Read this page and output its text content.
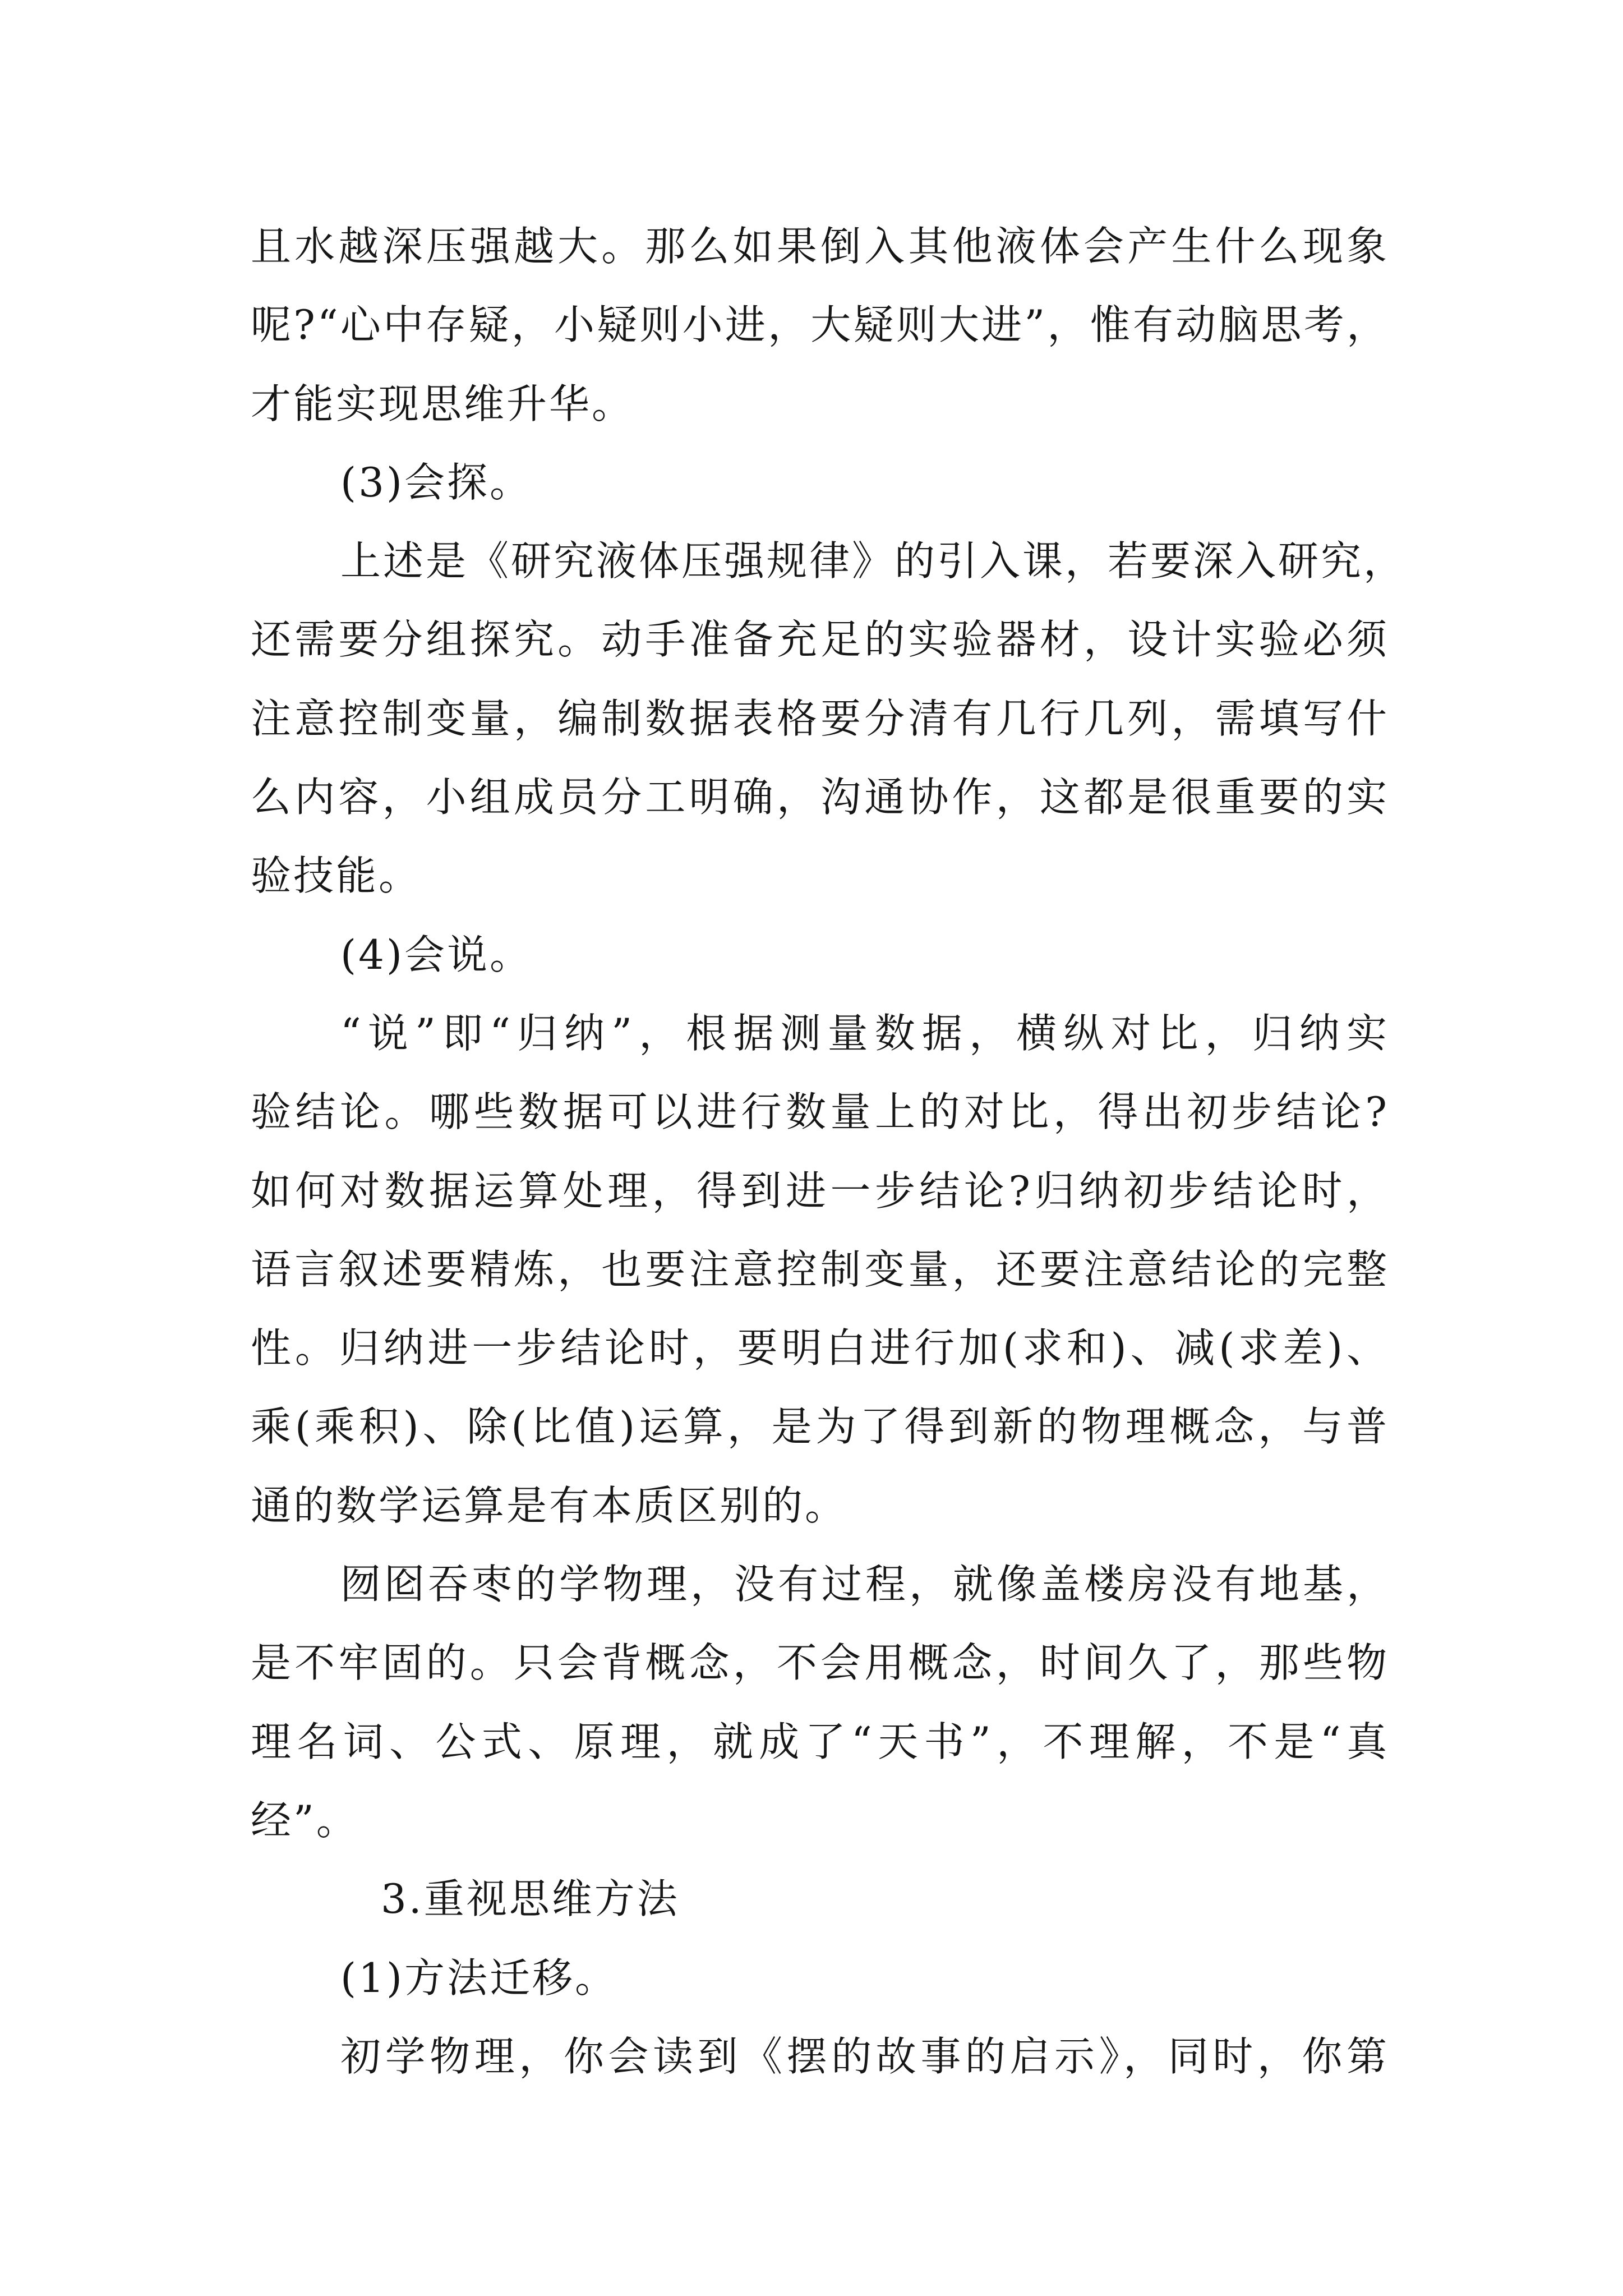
且水越深压强越大。那么如果倒入其他液体会产生什么现象
呢?“心中存疑，小疑则小进，大疑则大进”，惟有动脑思考，
才能实现思维升华。
(3)会探。
上述是《研究液体压强规律》的引入课，若要深入研究，
还需要分组探究。动手准备充足的实验器材，设计实验必须
注意控制变量，编制数据表格要分清有几行几列，需填写什
么内容，小组成员分工明确，沟通协作，这都是很重要的实
验技能。
(4)会说。
“说”即“归纳”，根据测量数据，横纵对比，归纳实
验结论。哪些数据可以进行数量上的对比，得出初步结论?
如何对数据运算处理，得到进一步结论?归纳初步结论时，
语言叙述要精炼，也要注意控制变量，还要注意结论的完整
性。归纳进一步结论时，要明白进行加(求和)、减(求差)、
乘(乘积)、除(比值)运算，是为了得到新的物理概念，与普
通的数学运算是有本质区别的。
囫囵吞枣的学物理，没有过程，就像盖楼房没有地基，
是不牢固的。只会背概念，不会用概念，时间久了，那些物
理名词、公式、原理，就成了“天书”，不理解，不是“真
经”。
3.重视思维方法
(1)方法迁移。
初学物理，你会读到《摆的故事的启示》，同时，你第
